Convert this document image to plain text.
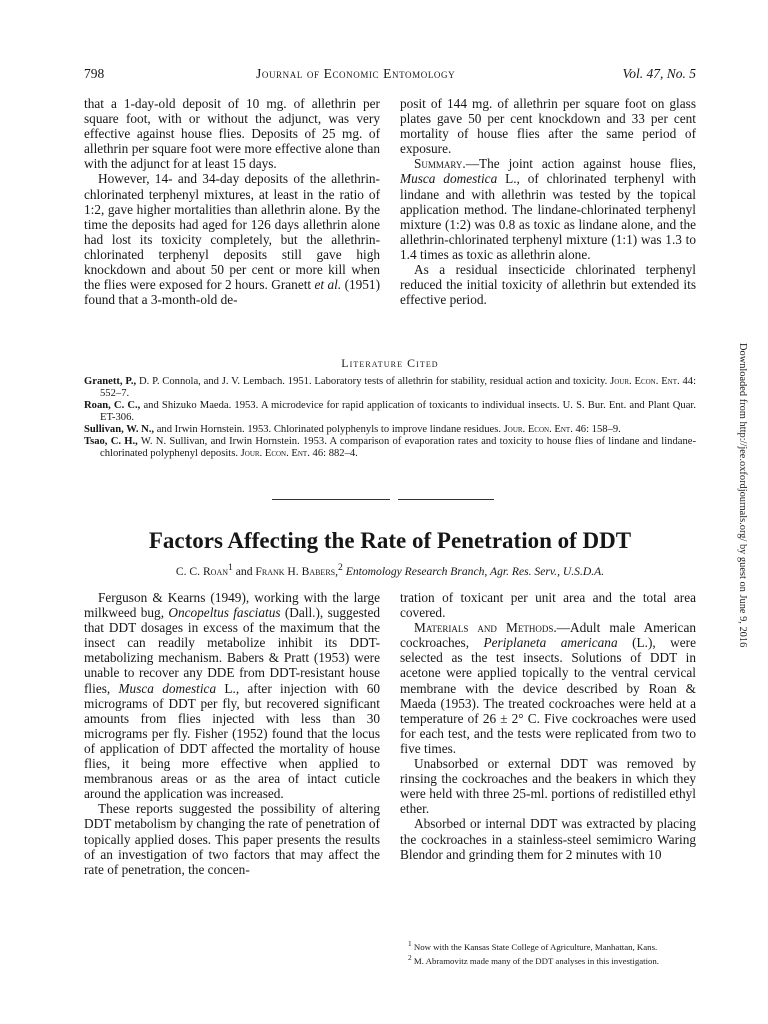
798	Journal of Economic Entomology	Vol. 47, No. 5

that a 1-day-old deposit of 10 mg. of allethrin per square foot, with or without the adjunct, was very effective against house flies. Deposits of 25 mg. of allethrin per square foot were more effective alone than with the adjunct for at least 15 days.

However, 14- and 34-day deposits of the allethrin-chlorinated terphenyl mixtures, at least in the ratio of 1:2, gave higher mortalities than allethrin alone. By the time the deposits had aged for 126 days allethrin alone had lost its toxicity completely, but the allethrin-chlorinated terphenyl deposits still gave high knockdown and about 50 per cent or more kill when the flies were exposed for 2 hours. Granett et al. (1951) found that a 3-month-old de-

posit of 144 mg. of allethrin per square foot on glass plates gave 50 per cent knockdown and 33 per cent mortality of house flies after the same period of exposure.

Summary.—The joint action against house flies, Musca domestica L., of chlorinated terphenyl with lindane and with allethrin was tested by the topical application method. The lindane-chlorinated terphenyl mixture (1:2) was 0.8 as toxic as lindane alone, and the allethrin-chlorinated terphenyl mixture (1:1) was 1.3 to 1.4 times as toxic as allethrin alone.

As a residual insecticide chlorinated terphenyl reduced the initial toxicity of allethrin but extended its effective period.

Literature Cited

Granett, P., D. P. Connola, and J. V. Lembach. 1951. Laboratory tests of allethrin for stability, residual action and toxicity. Jour. Econ. Ent. 44: 552–7.

Roan, C. C., and Shizuko Maeda. 1953. A microdevice for rapid application of toxicants to individual insects. U. S. Bur. Ent. and Plant Quar. ET-306.

Sullivan, W. N., and Irwin Hornstein. 1953. Chlorinated polyphenyls to improve lindane residues. Jour. Econ. Ent. 46: 158–9.

Tsao, C. H., W. N. Sullivan, and Irwin Hornstein. 1953. A comparison of evaporation rates and toxicity to house flies of lindane and lindane-chlorinated polyphenyl deposits. Jour. Econ. Ent. 46: 882–4.

Factors Affecting the Rate of Penetration of DDT
C. C. Roan$^1$ and Frank H. Babers,$^2$ Entomology Research Branch, Agr. Res. Serv., U.S.D.A.

Ferguson & Kearns (1949), working with the large milkweed bug, Oncopeltus fasciatus (Dall.), suggested that DDT dosages in excess of the maximum that the insect can readily metabolize inhibit its DDT-metabolizing mechanism. Babers & Pratt (1953) were unable to recover any DDE from DDT-resistant house flies, Musca domestica L., after injection with 60 micrograms of DDT per fly, but recovered significant amounts from flies injected with less than 30 micrograms per fly. Fisher (1952) found that the locus of application of DDT affected the mortality of house flies, it being more effective when applied to membranous areas or as the area of intact cuticle around the application was increased.

These reports suggested the possibility of altering DDT metabolism by changing the rate of penetration of topically applied doses. This paper presents the results of an investigation of two factors that may affect the rate of penetration, the concen-

tration of toxicant per unit area and the total area covered.

Materials and Methods.—Adult male American cockroaches, Periplaneta americana (L.), were selected as the test insects. Solutions of DDT in acetone were applied topically to the ventral cervical membrane with the device described by Roan & Maeda (1953). The treated cockroaches were held at a temperature of 26 ± 2° C. Five cockroaches were used for each test, and the tests were replicated from two to five times.

Unabsorbed or external DDT was removed by rinsing the cockroaches and the beakers in which they were held with three 25-ml. portions of redistilled ethyl ether.

Absorbed or internal DDT was extracted by placing the cockroaches in a stainless-steel semimicro Waring Blendor and grinding them for 2 minutes with 10

$^1$ Now with the Kansas State College of Agriculture, Manhattan, Kans.

$^2$ M. Abramovitz made many of the DDT analyses in this investigation.

Downloaded from http://jee.oxfordjournals.org/ by guest on June 9, 2016
